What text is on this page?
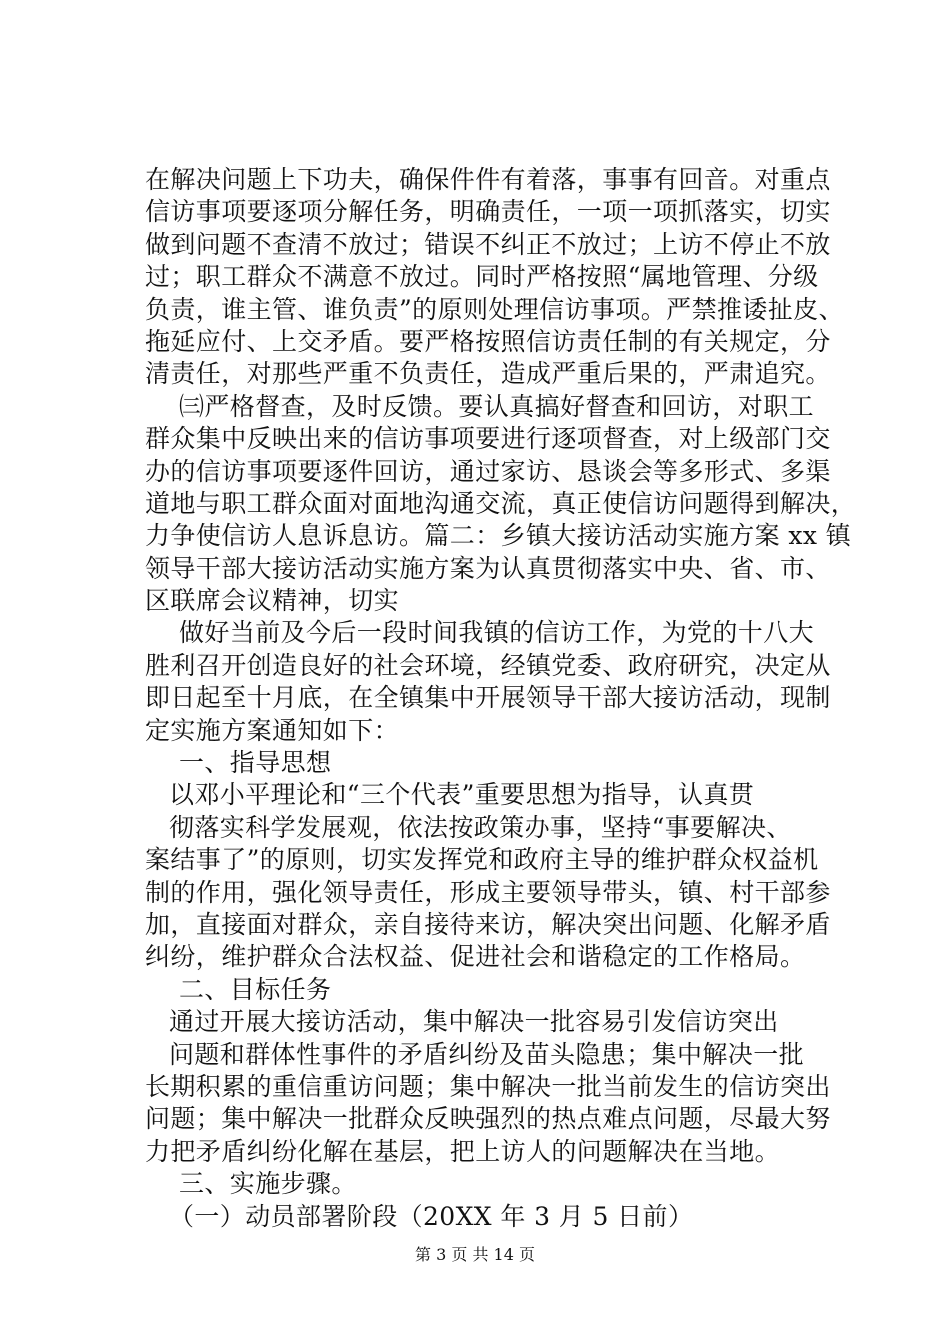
在解决问题上下功夫，确保件件有着落，事事有回音。对重点
信访事项要逐项分解任务，明确责任，一项一项抓落实，切实
做到问题不查清不放过；错误不纠正不放过；上访不停止不放
过；职工群众不满意不放过。同时严格按照“属地管理、分级
负责，谁主管、谁负责”的原则处理信访事项。严禁推诿扯皮、
拖延应付、上交矛盾。要严格按照信访责任制的有关规定，分
清责任，对那些严重不负责任，造成严重后果的，严肃追究。
㈢严格督查，及时反馈。要认真搞好督查和回访，对职工
群众集中反映出来的信访事项要进行逐项督查，对上级部门交
办的信访事项要逐件回访，通过家访、恳谈会等多形式、多渠
道地与职工群众面对面地沟通交流，真正使信访问题得到解决，
力争使信访人息诉息访。篇二：乡镇大接访活动实施方案 xx 镇
领导干部大接访活动实施方案为认真贯彻落实中央、省、市、
区联席会议精神，切实
做好当前及今后一段时间我镇的信访工作，为党的十八大
胜利召开创造良好的社会环境，经镇党委、政府研究，决定从
即日起至十月底，在全镇集中开展领导干部大接访活动，现制
定实施方案通知如下：
一、指导思想
以邓小平理论和“三个代表”重要思想为指导，认真贯
彻落实科学发展观，依法按政策办事，坚持“事要解决、
案结事了”的原则，切实发挥党和政府主导的维护群众权益机
制的作用，强化领导责任，形成主要领导带头，镇、村干部参
加，直接面对群众，亲自接待来访，解决突出问题、化解矛盾
纠纷，维护群众合法权益、促进社会和谐稳定的工作格局。
二、目标任务
通过开展大接访活动，集中解决一批容易引发信访突出
问题和群体性事件的矛盾纠纷及苗头隐患；集中解决一批
长期积累的重信重访问题；集中解决一批当前发生的信访突出
问题；集中解决一批群众反映强烈的热点难点问题，尽最大努
力把矛盾纠纷化解在基层，把上访人的问题解决在当地。
三、实施步骤。
（一）动员部署阶段（20XX 年 3 月 5 日前）
第 3 页 共 14 页
